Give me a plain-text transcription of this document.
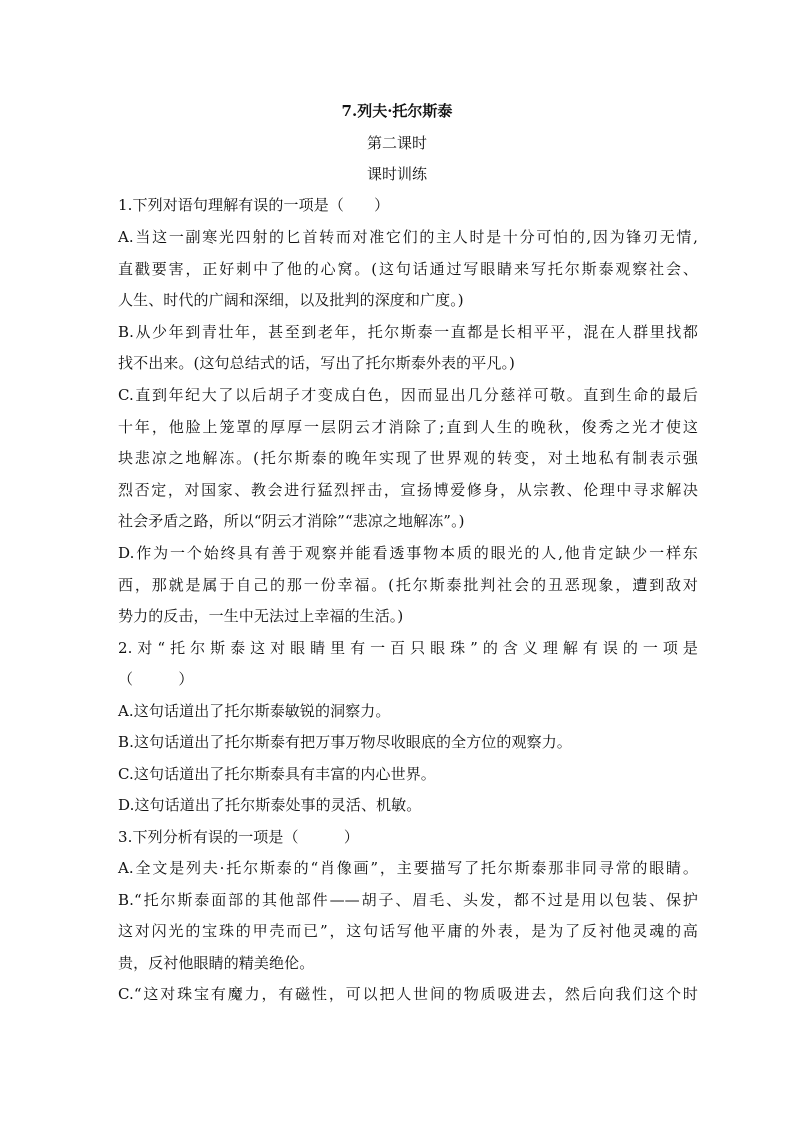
7.列夫·托尔斯泰
第二课时
课时训练
1.下列对语句理解有误的一项是（　　）
A.当这一副寒光四射的匕首转而对准它们的主人时是十分可怕的,因为锋刃无情,
直戳要害，正好刺中了他的心窝。(这句话通过写眼睛来写托尔斯泰观察社会、
人生、时代的广阔和深细，以及批判的深度和广度。)
B.从少年到青壮年，甚至到老年，托尔斯泰一直都是长相平平，混在人群里找都
找不出来。(这句总结式的话，写出了托尔斯泰外表的平凡。)
C.直到年纪大了以后胡子才变成白色，因而显出几分慈祥可敬。直到生命的最后
十年，他脸上笼罩的厚厚一层阴云才消除了;直到人生的晚秋，俊秀之光才使这
块悲凉之地解冻。(托尔斯泰的晚年实现了世界观的转变，对土地私有制表示强
烈否定，对国家、教会进行猛烈抨击，宣扬博爱修身，从宗教、伦理中寻求解决
社会矛盾之路，所以“阴云才消除”“悲凉之地解冻”。)
D.作为一个始终具有善于观察并能看透事物本质的眼光的人,他肯定缺少一样东
西，那就是属于自己的那一份幸福。(托尔斯泰批判社会的丑恶现象，遭到敌对
势力的反击，一生中无法过上幸福的生活。)
2.对“托尔斯泰这对眼睛里有一百只眼珠”的含义理解有误的一项是
（　　　）
A.这句话道出了托尔斯泰敏锐的洞察力。
B.这句话道出了托尔斯泰有把万事万物尽收眼底的全方位的观察力。
C.这句话道出了托尔斯泰具有丰富的内心世界。
D.这句话道出了托尔斯泰处事的灵活、机敏。
3.下列分析有误的一项是（　　　）
A.全文是列夫·托尔斯泰的“肖像画”，主要描写了托尔斯泰那非同寻常的眼睛。
B.“托尔斯泰面部的其他部件——胡子、眉毛、头发，都不过是用以包装、保护
这对闪光的宝珠的甲壳而已”，这句话写他平庸的外表，是为了反衬他灵魂的高
贵，反衬他眼睛的精美绝伦。
C.“这对珠宝有魔力，有磁性，可以把人世间的物质吸进去，然后向我们这个时
